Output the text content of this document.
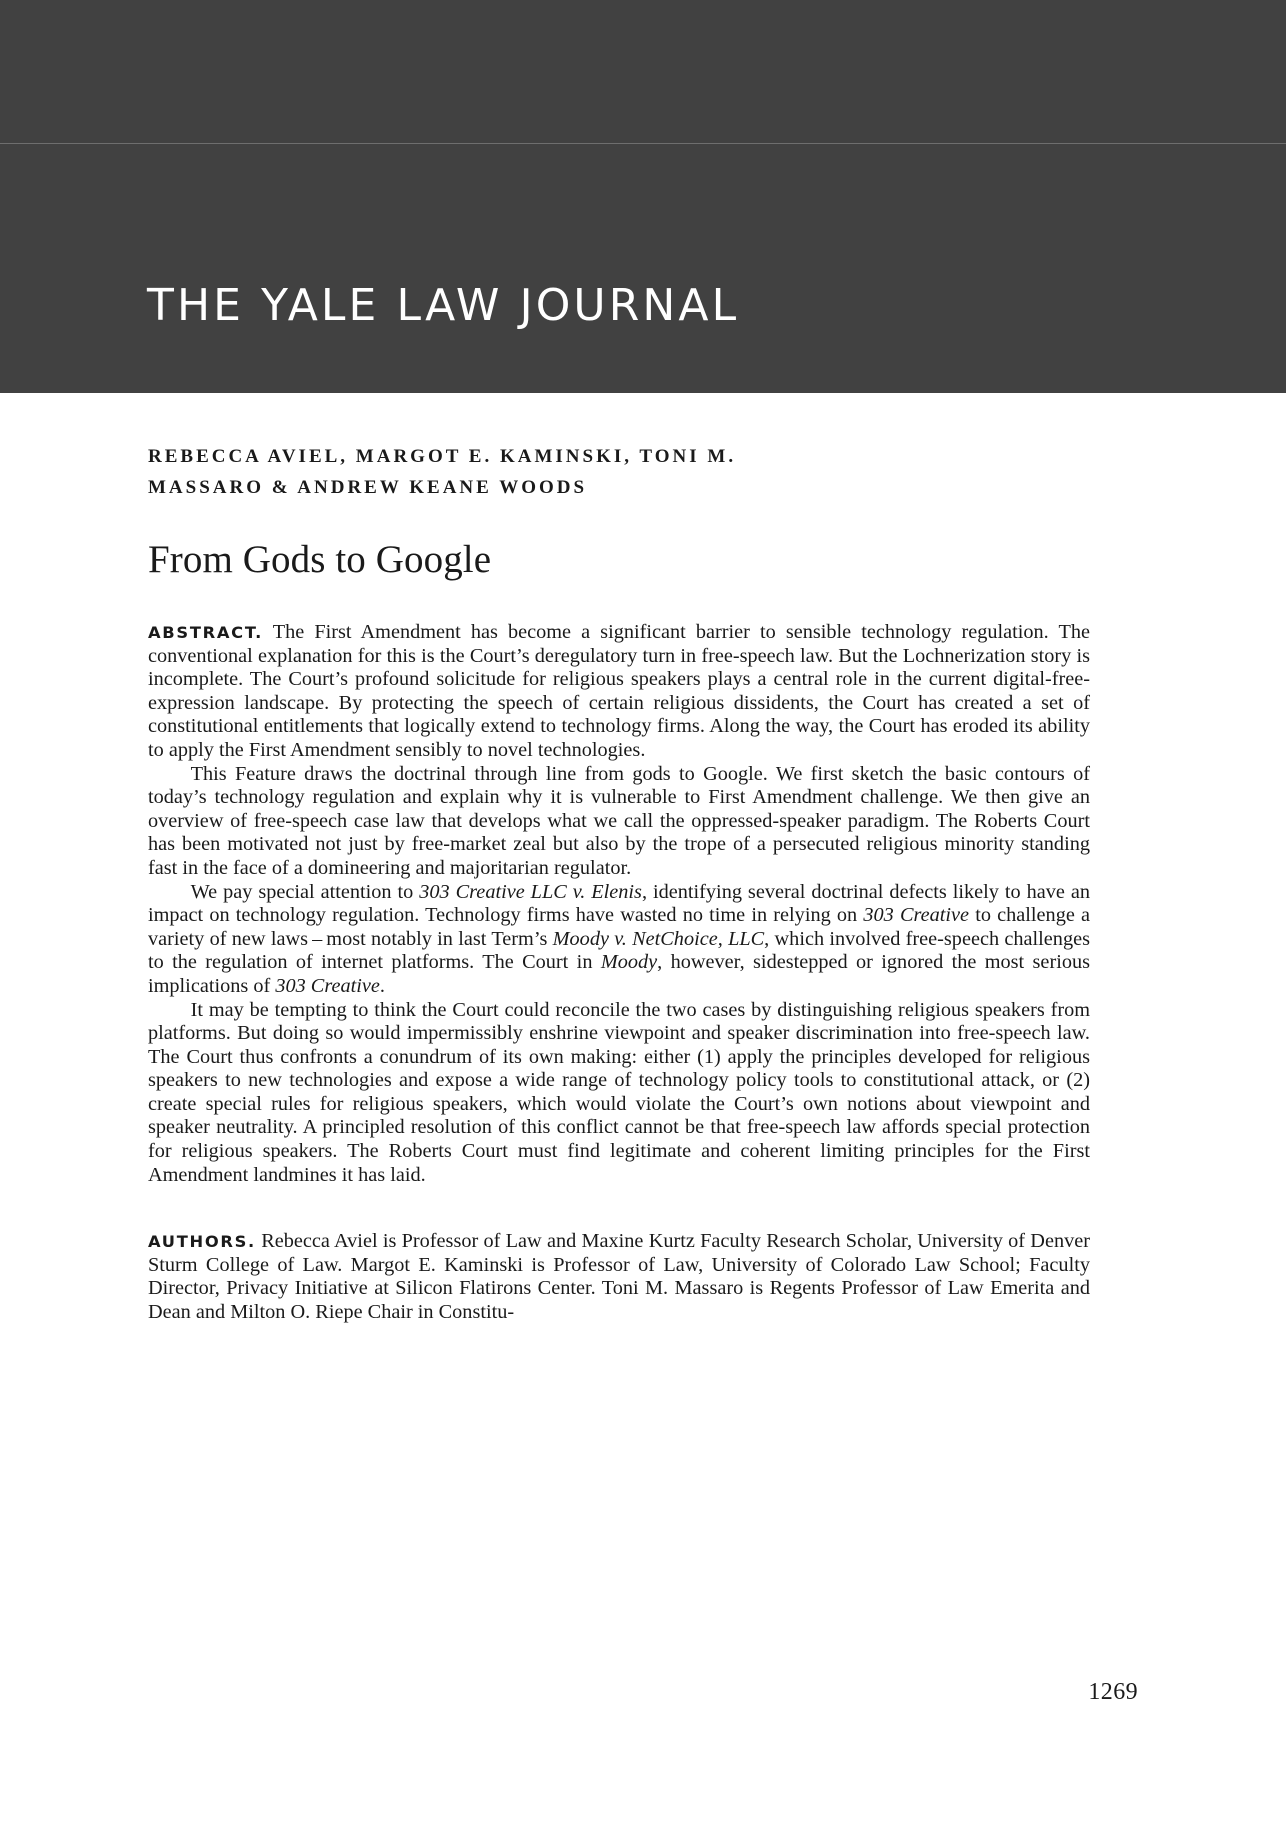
THE YALE LAW JOURNAL
REBECCA AVIEL, MARGOT E. KAMINSKI, TONI M.
MASSARO & ANDREW KEANE WOODS
From Gods to Google

ABSTRACT. The First Amendment has become a significant barrier to sensible technology regulation. The conventional explanation for this is the Court’s deregulatory turn in free-speech law. But the Lochnerization story is incomplete. The Court’s profound solicitude for religious speakers plays a central role in the current digital-free-expression landscape. By protecting the speech of certain religious dissidents, the Court has created a set of constitutional entitlements that logically extend to technology firms. Along the way, the Court has eroded its ability to apply the First Amendment sensibly to novel technologies.

This Feature draws the doctrinal through line from gods to Google. We first sketch the basic contours of today’s technology regulation and explain why it is vulnerable to First Amendment challenge. We then give an overview of free-speech case law that develops what we call the oppressed-speaker paradigm. The Roberts Court has been motivated not just by free-market zeal but also by the trope of a persecuted religious minority standing fast in the face of a domineering and majoritarian regulator.

We pay special attention to 303 Creative LLC v. Elenis, identifying several doctrinal defects likely to have an impact on technology regulation. Technology firms have wasted no time in relying on 303 Creative to challenge a variety of new laws – most notably in last Term’s Moody v. NetChoice, LLC, which involved free-speech challenges to the regulation of internet platforms. The Court in Moody, however, sidestepped or ignored the most serious implications of 303 Creative.

It may be tempting to think the Court could reconcile the two cases by distinguishing religious speakers from platforms. But doing so would impermissibly enshrine viewpoint and speaker discrimination into free-speech law. The Court thus confronts a conundrum of its own making: either (1) apply the principles developed for religious speakers to new technologies and expose a wide range of technology policy tools to constitutional attack, or (2) create special rules for religious speakers, which would violate the Court’s own notions about viewpoint and speaker neutrality. A principled resolution of this conflict cannot be that free-speech law affords special protection for religious speakers. The Roberts Court must find legitimate and coherent limiting principles for the First Amendment landmines it has laid.

AUTHORS. Rebecca Aviel is Professor of Law and Maxine Kurtz Faculty Research Scholar, University of Denver Sturm College of Law. Margot E. Kaminski is Professor of Law, University of Colorado Law School; Faculty Director, Privacy Initiative at Silicon Flatirons Center. Toni M. Massaro is Regents Professor of Law Emerita and Dean and Milton O. Riepe Chair in Constitu-

1269
